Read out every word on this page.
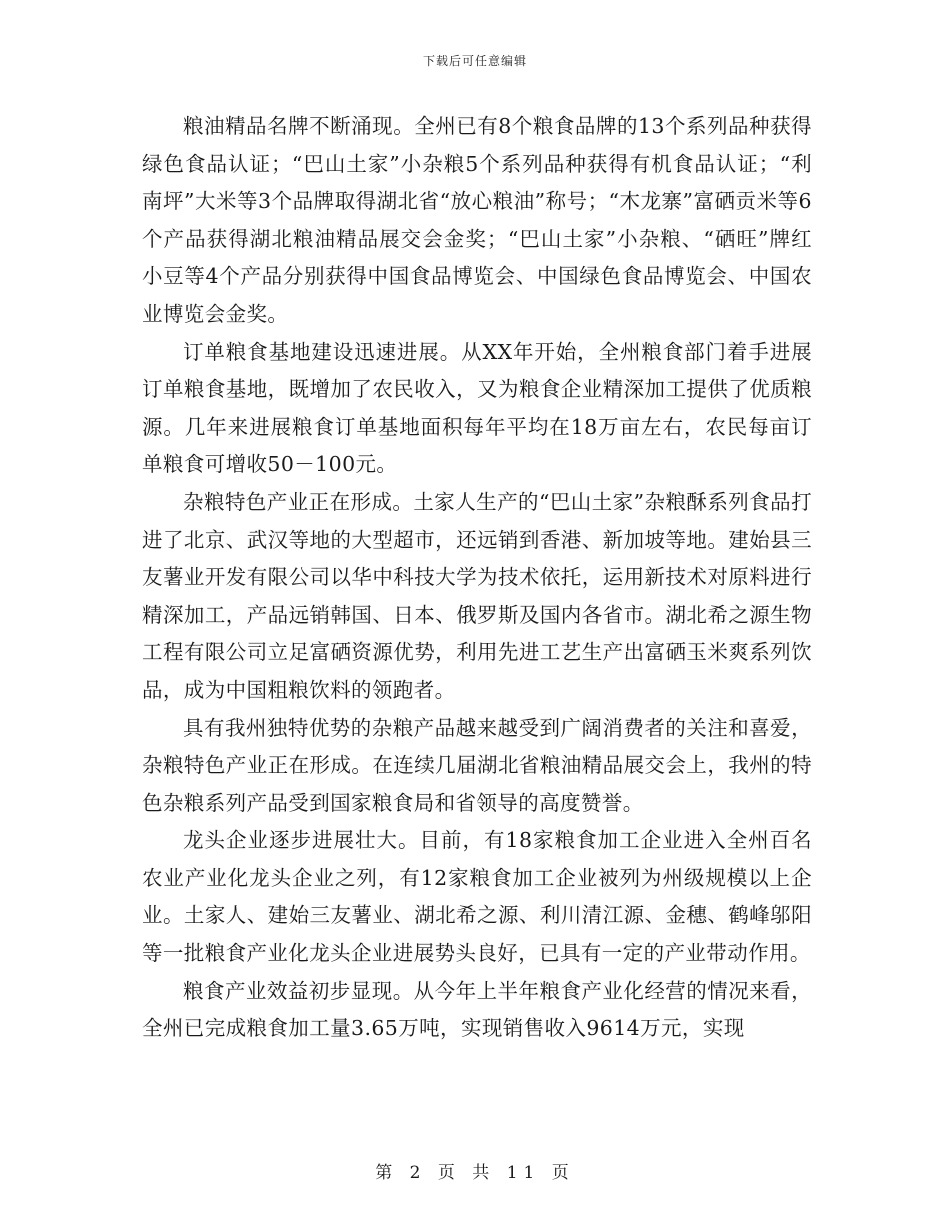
下载后可任意编辑

粮油精品名牌不断涌现。全州已有8个粮食品牌的13个系列品种获得绿色食品认证；“巴山土家”小杂粮5个系列品种获得有机食品认证；“利南坪”大米等3个品牌取得湖北省“放心粮油”称号；“木龙寨”富硒贡米等6个产品获得湖北粮油精品展交会金奖；“巴山土家”小杂粮、“硒旺”牌红小豆等4个产品分别获得中国食品博览会、中国绿色食品博览会、中国农业博览会金奖。

订单粮食基地建设迅速进展。从XX年开始，全州粮食部门着手进展订单粮食基地，既增加了农民收入，又为粮食企业精深加工提供了优质粮源。几年来进展粮食订单基地面积每年平均在18万亩左右，农民每亩订单粮食可增收50－100元。

杂粮特色产业正在形成。土家人生产的“巴山土家”杂粮酥系列食品打进了北京、武汉等地的大型超市，还远销到香港、新加坡等地。建始县三友薯业开发有限公司以华中科技大学为技术依托，运用新技术对原料进行精深加工，产品远销韩国、日本、俄罗斯及国内各省市。湖北希之源生物工程有限公司立足富硒资源优势，利用先进工艺生产出富硒玉米爽系列饮品，成为中国粗粮饮料的领跑者。

具有我州独特优势的杂粮产品越来越受到广阔消费者的关注和喜爱，杂粮特色产业正在形成。在连续几届湖北省粮油精品展交会上，我州的特色杂粮系列产品受到国家粮食局和省领导的高度赞誉。

龙头企业逐步进展壮大。目前，有18家粮食加工企业进入全州百名农业产业化龙头企业之列，有12家粮食加工企业被列为州级规模以上企业。土家人、建始三友薯业、湖北希之源、利川清江源、金穗、鹤峰邬阳等一批粮食产业化龙头企业进展势头良好，已具有一定的产业带动作用。

粮食产业效益初步显现。从今年上半年粮食产业化经营的情况来看，全州已完成粮食加工量3.65万吨，实现销售收入9614万元，实现

第 2 页 共 11 页
